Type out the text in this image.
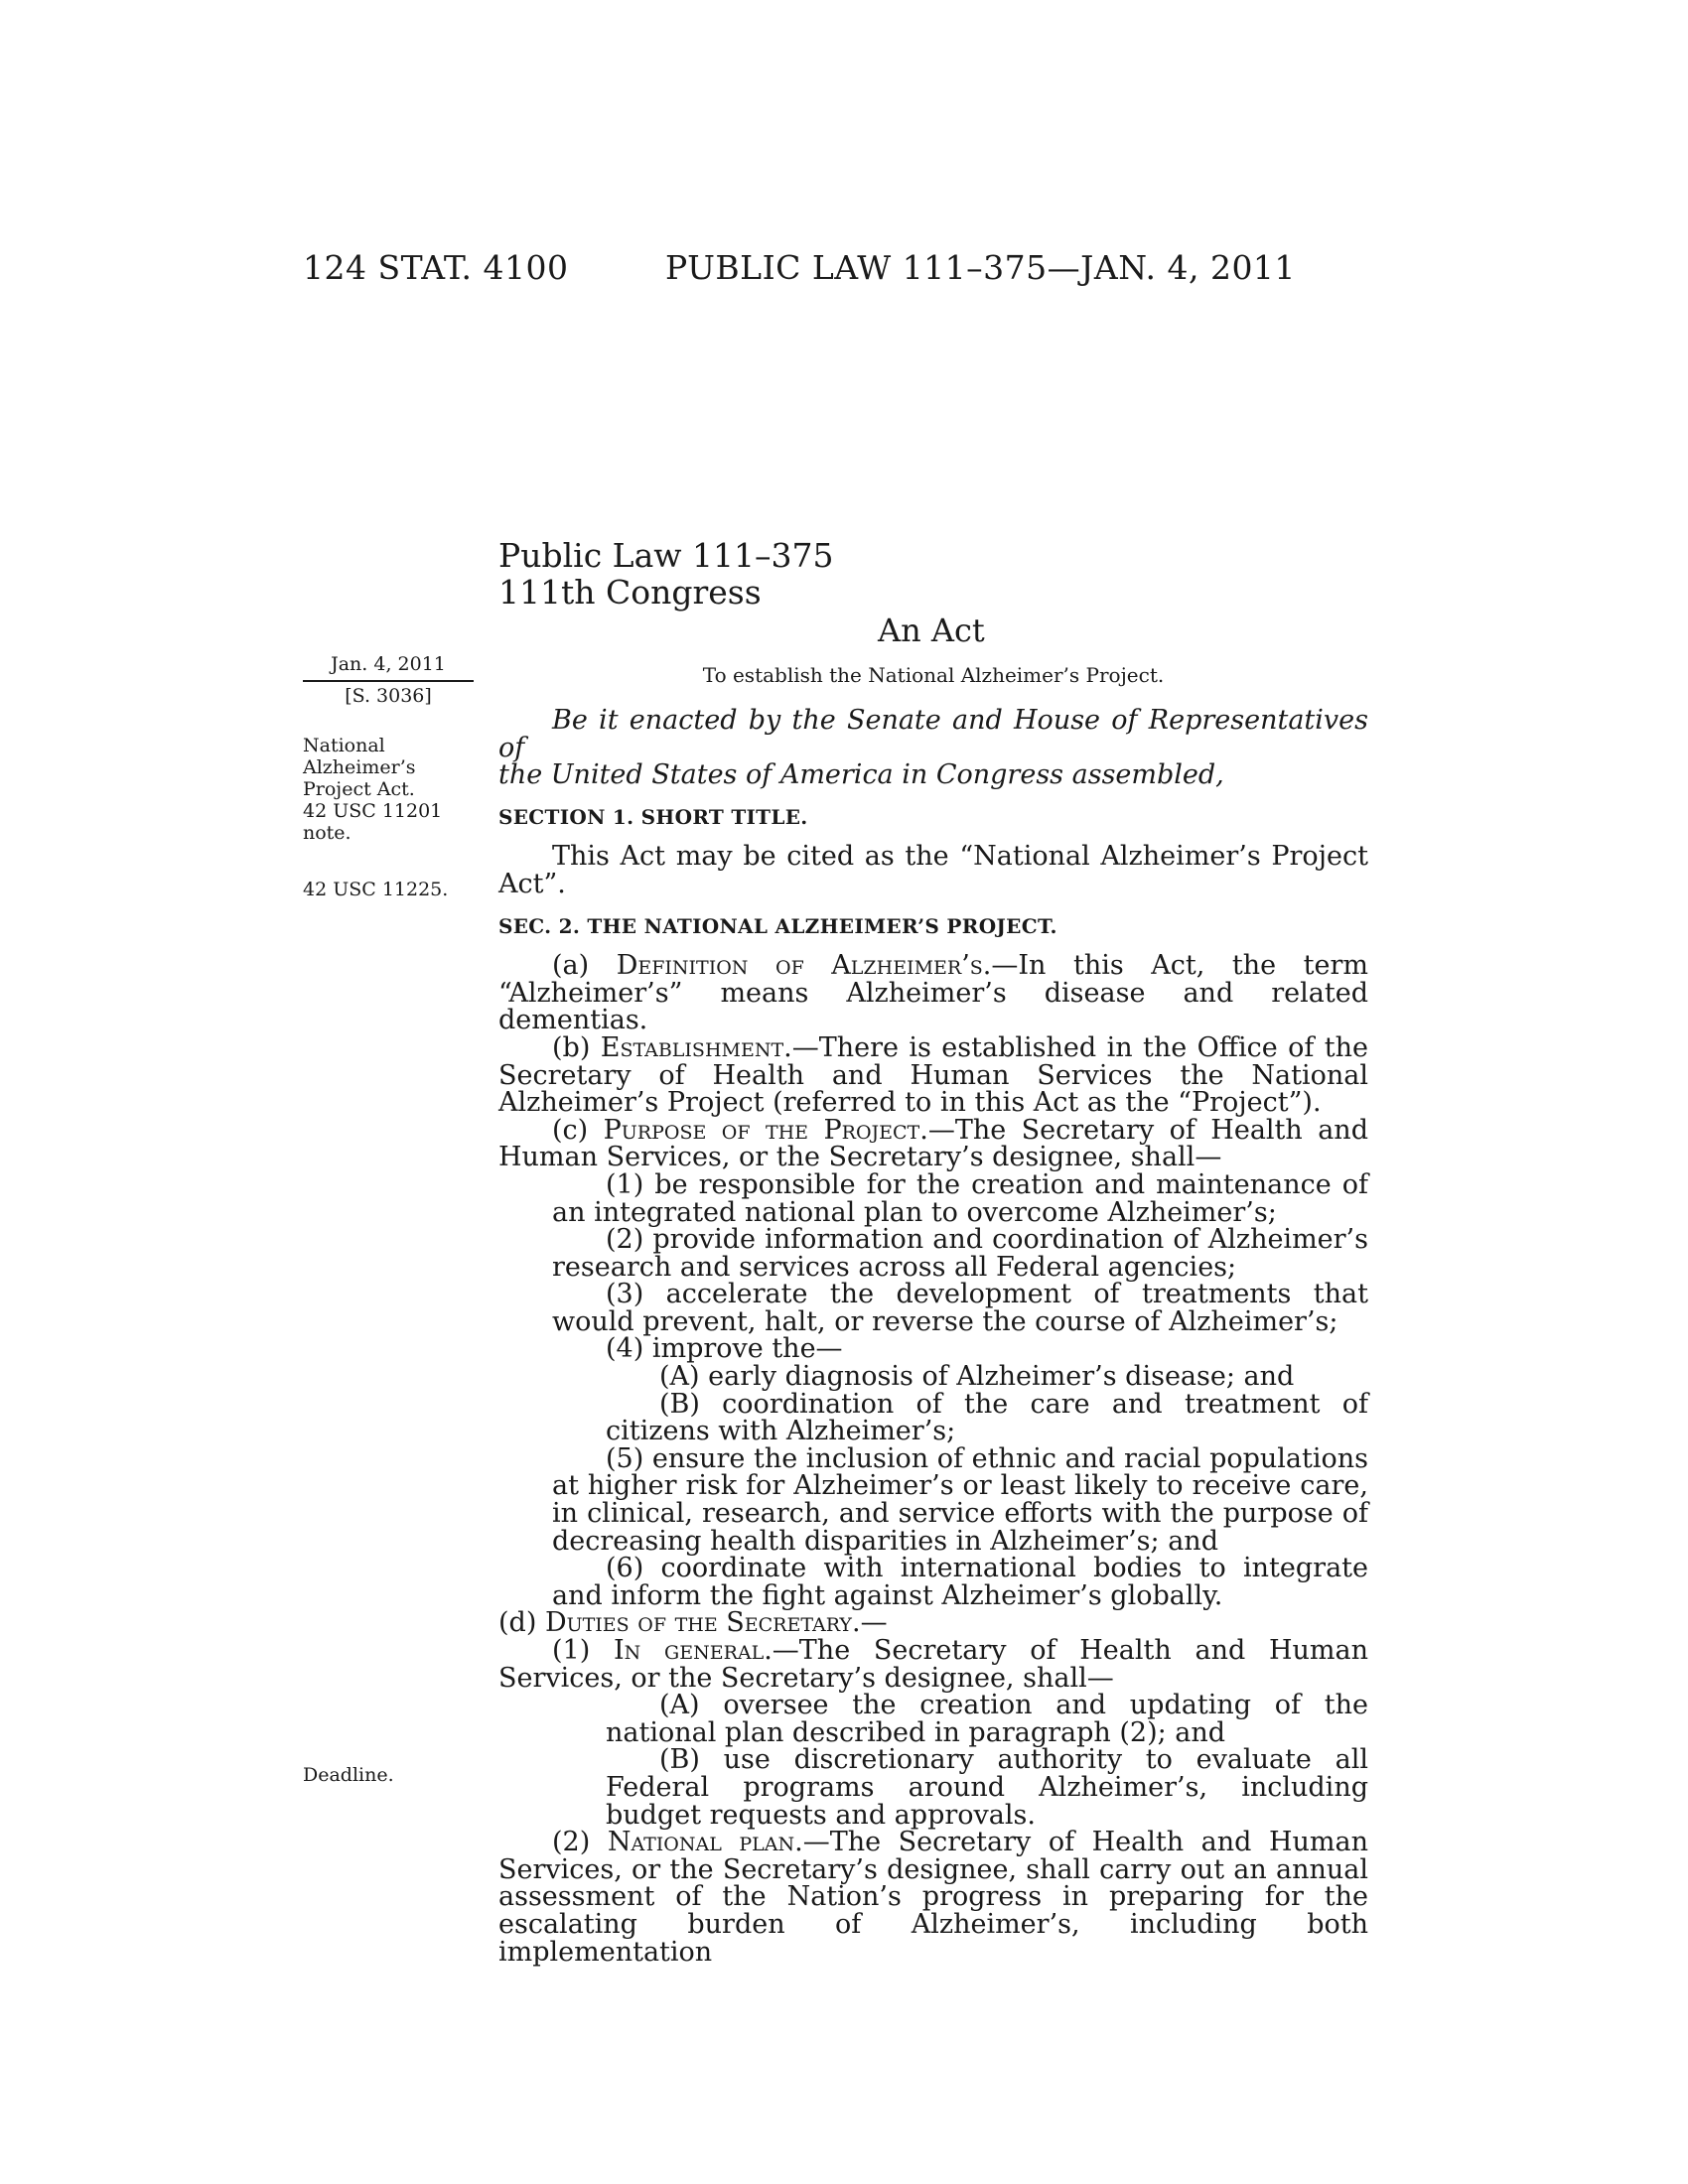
124 STAT. 4100	PUBLIC LAW 111–375—JAN. 4, 2011
Public Law 111–375
111th Congress
An Act
Jan. 4, 2011
[S. 3036]
National
Alzheimer’s
Project Act.
42 USC 11201
note.
42 USC 11225.
Deadline.
To establish the National Alzheimer’s Project.

Be it enacted by the Senate and House of Representatives of

the United States of America in Congress assembled,

SECTION 1. SHORT TITLE.

This Act may be cited as the “National Alzheimer’s Project Act”.

SEC. 2. THE NATIONAL ALZHEIMER’S PROJECT.

(a) Definition of Alzheimer’s.—In this Act, the term “Alzheimer’s” means Alzheimer’s disease and related dementias.

(b) Establishment.—There is established in the Office of the Secretary of Health and Human Services the National Alzheimer’s Project (referred to in this Act as the “Project”).

(c) Purpose of the Project.—The Secretary of Health and Human Services, or the Secretary’s designee, shall—

(1) be responsible for the creation and maintenance of an integrated national plan to overcome Alzheimer’s;

(2) provide information and coordination of Alzheimer’s research and services across all Federal agencies;

(3) accelerate the development of treatments that would prevent, halt, or reverse the course of Alzheimer’s;

(4) improve the—

(A) early diagnosis of Alzheimer’s disease; and

(B) coordination of the care and treatment of citizens with Alzheimer’s;

(5) ensure the inclusion of ethnic and racial populations at higher risk for Alzheimer’s or least likely to receive care, in clinical, research, and service efforts with the purpose of decreasing health disparities in Alzheimer’s; and

(6) coordinate with international bodies to integrate and inform the fight against Alzheimer’s globally.

(d) Duties of the Secretary.—

(1) In general.—The Secretary of Health and Human Services, or the Secretary’s designee, shall—

(A) oversee the creation and updating of the national plan described in paragraph (2); and

(B) use discretionary authority to evaluate all Federal programs around Alzheimer’s, including budget requests and approvals.

(2) National plan.—The Secretary of Health and Human Services, or the Secretary’s designee, shall carry out an annual assessment of the Nation’s progress in preparing for the escalating burden of Alzheimer’s, including both implementation
